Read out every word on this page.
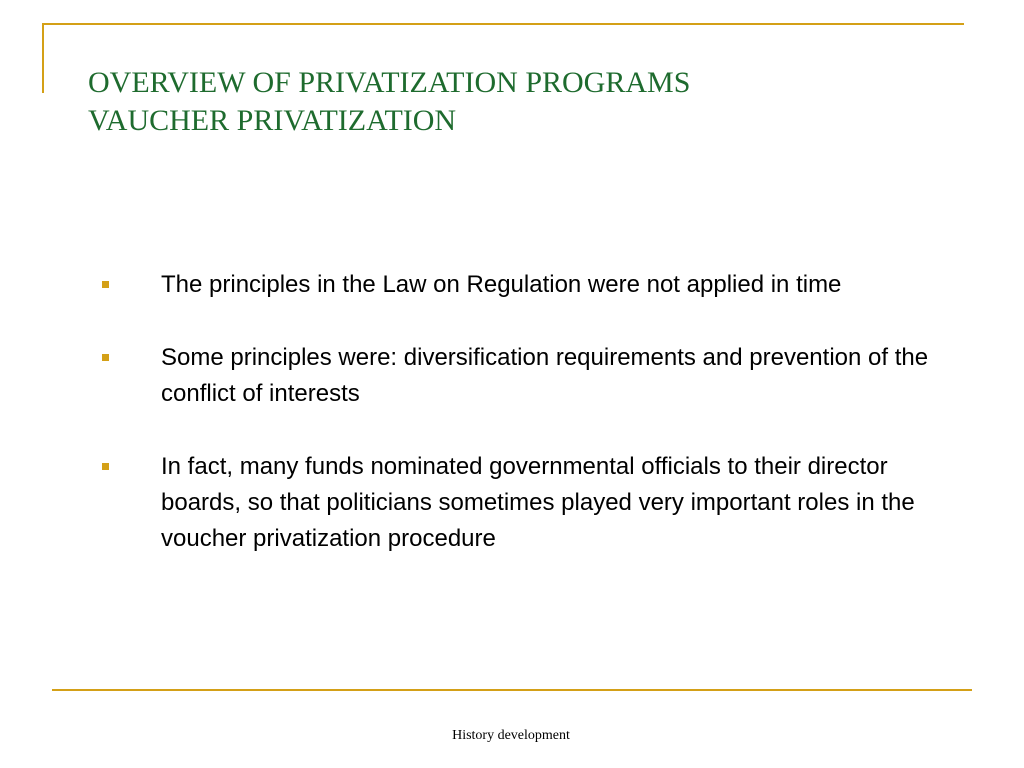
OVERVIEW OF PRIVATIZATION PROGRAMS
VAUCHER PRIVATIZATION
The principles in the Law on Regulation were not applied in time
Some principles were: diversification requirements and prevention of the conflict of interests
In fact, many funds nominated governmental officials to their director boards, so that politicians sometimes played very important roles in the voucher privatization procedure
History development
